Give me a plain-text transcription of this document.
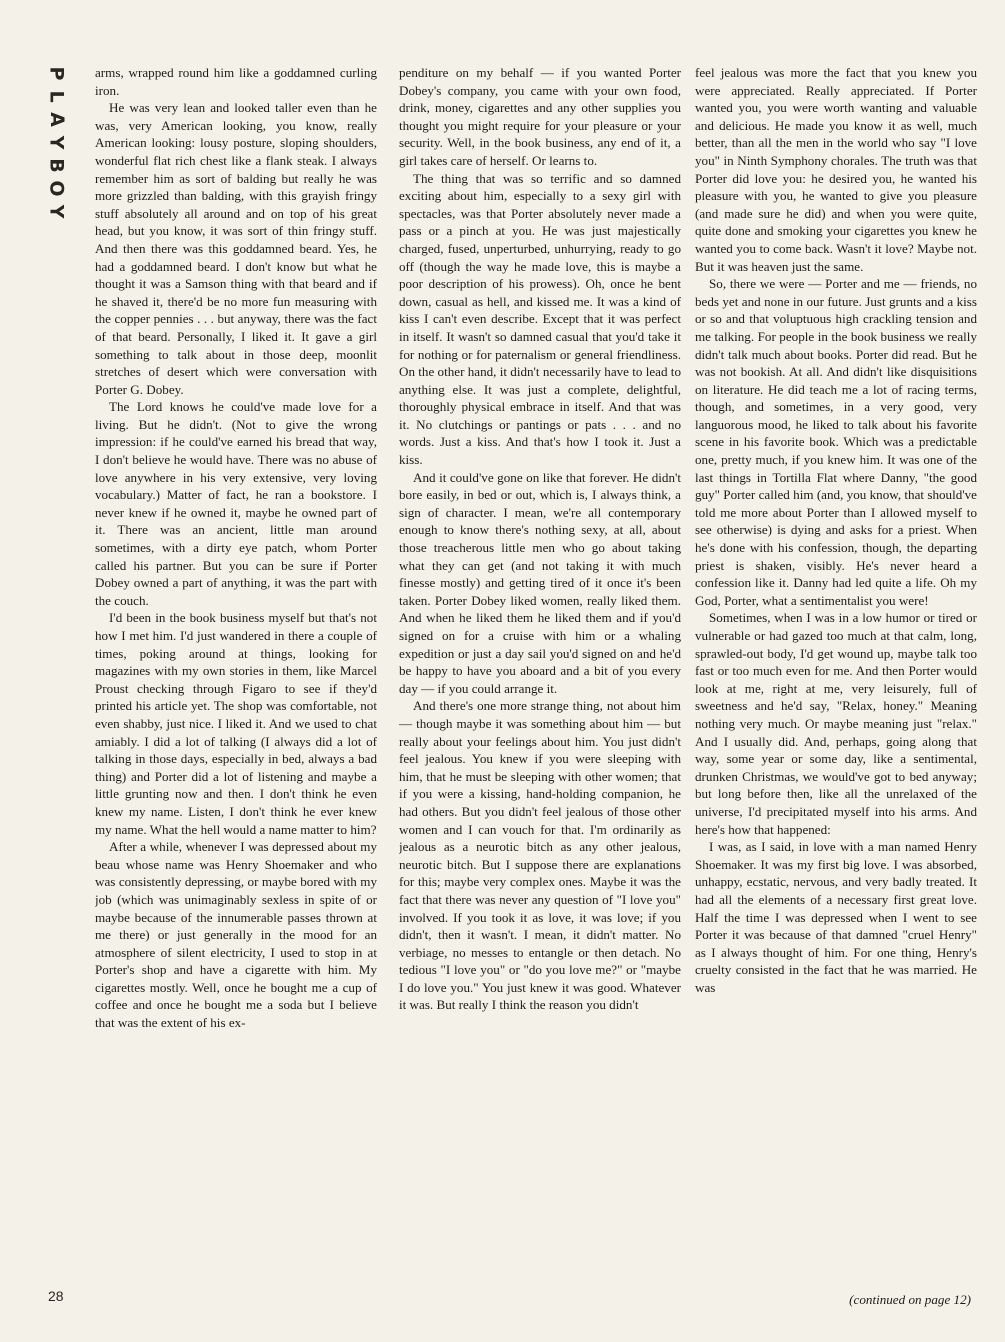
P
L
A
Y
B
O
Y

arms, wrapped round him like a goddamned curling iron.

He was very lean and looked taller even than he was, very American looking, you know, really American looking: lousy posture, sloping shoulders, wonderful flat rich chest like a flank steak. I always remember him as sort of balding but really he was more grizzled than balding, with this grayish fringy stuff absolutely all around and on top of his great head, but you know, it was sort of thin fringy stuff. And then there was this goddamned beard. Yes, he had a goddamned beard. I don't know but what he thought it was a Samson thing with that beard and if he shaved it, there'd be no more fun measuring with the copper pennies . . . but anyway, there was the fact of that beard. Personally, I liked it. It gave a girl something to talk about in those deep, moonlit stretches of desert which were conversation with Porter G. Dobey.

The Lord knows he could've made love for a living. But he didn't. (Not to give the wrong impression: if he could've earned his bread that way, I don't believe he would have. There was no abuse of love anywhere in his very extensive, very loving vocabulary.) Matter of fact, he ran a bookstore. I never knew if he owned it, maybe he owned part of it. There was an ancient, little man around sometimes, with a dirty eye patch, whom Porter called his partner. But you can be sure if Porter Dobey owned a part of anything, it was the part with the couch.

I'd been in the book business myself but that's not how I met him. I'd just wandered in there a couple of times, poking around at things, looking for magazines with my own stories in them, like Marcel Proust checking through Figaro to see if they'd printed his article yet. The shop was comfortable, not even shabby, just nice. I liked it. And we used to chat amiably. I did a lot of talking (I always did a lot of talking in those days, especially in bed, always a bad thing) and Porter did a lot of listening and maybe a little grunting now and then. I don't think he even knew my name. Listen, I don't think he ever knew my name. What the hell would a name matter to him?

After a while, whenever I was depressed about my beau whose name was Henry Shoemaker and who was consistently depressing, or maybe bored with my job (which was unimaginably sexless in spite of or maybe because of the innumerable passes thrown at me there) or just generally in the mood for an atmosphere of silent electricity, I used to stop in at Porter's shop and have a cigarette with him. My cigarettes mostly. Well, once he bought me a cup of coffee and once he bought me a soda but I believe that was the extent of his ex-

penditure on my behalf — if you wanted Porter Dobey's company, you came with your own food, drink, money, cigarettes and any other supplies you thought you might require for your pleasure or your security. Well, in the book business, any end of it, a girl takes care of herself. Or learns to.

The thing that was so terrific and so damned exciting about him, especially to a sexy girl with spectacles, was that Porter absolutely never made a pass or a pinch at you. He was just majestically charged, fused, unperturbed, unhurrying, ready to go off (though the way he made love, this is maybe a poor description of his prowess). Oh, once he bent down, casual as hell, and kissed me. It was a kind of kiss I can't even describe. Except that it was perfect in itself. It wasn't so damned casual that you'd take it for nothing or for paternalism or general friendliness. On the other hand, it didn't necessarily have to lead to anything else. It was just a complete, delightful, thoroughly physical embrace in itself. And that was it. No clutchings or pantings or pats . . . and no words. Just a kiss. And that's how I took it. Just a kiss.

And it could've gone on like that forever. He didn't bore easily, in bed or out, which is, I always think, a sign of character. I mean, we're all contemporary enough to know there's nothing sexy, at all, about those treacherous little men who go about taking what they can get (and not taking it with much finesse mostly) and getting tired of it once it's been taken. Porter Dobey liked women, really liked them. And when he liked them he liked them and if you'd signed on for a cruise with him or a whaling expedition or just a day sail you'd signed on and he'd be happy to have you aboard and a bit of you every day — if you could arrange it.

And there's one more strange thing, not about him — though maybe it was something about him — but really about your feelings about him. You just didn't feel jealous. You knew if you were sleeping with him, that he must be sleeping with other women; that if you were a kissing, hand-holding companion, he had others. But you didn't feel jealous of those other women and I can vouch for that. I'm ordinarily as jealous as a neurotic bitch as any other jealous, neurotic bitch. But I suppose there are explanations for this; maybe very complex ones. Maybe it was the fact that there was never any question of "I love you" involved. If you took it as love, it was love; if you didn't, then it wasn't. I mean, it didn't matter. No verbiage, no messes to entangle or then detach. No tedious "I love you" or "do you love me?" or "maybe I do love you." You just knew it was good. Whatever it was. But really I think the reason you didn't

feel jealous was more the fact that you knew you were appreciated. Really appreciated. If Porter wanted you, you were worth wanting and valuable and delicious. He made you know it as well, much better, than all the men in the world who say "I love you" in Ninth Symphony chorales. The truth was that Porter did love you: he desired you, he wanted his pleasure with you, he wanted to give you pleasure (and made sure he did) and when you were quite, quite done and smoking your cigarettes you knew he wanted you to come back. Wasn't it love? Maybe not. But it was heaven just the same.

So, there we were — Porter and me — friends, no beds yet and none in our future. Just grunts and a kiss or so and that voluptuous high crackling tension and me talking. For people in the book business we really didn't talk much about books. Porter did read. But he was not bookish. At all. And didn't like disquisitions on literature. He did teach me a lot of racing terms, though, and sometimes, in a very good, very languorous mood, he liked to talk about his favorite scene in his favorite book. Which was a predictable one, pretty much, if you knew him. It was one of the last things in Tortilla Flat where Danny, "the good guy" Porter called him (and, you know, that should've told me more about Porter than I allowed myself to see otherwise) is dying and asks for a priest. When he's done with his confession, though, the departing priest is shaken, visibly. He's never heard a confession like it. Danny had led quite a life. Oh my God, Porter, what a sentimentalist you were!

Sometimes, when I was in a low humor or tired or vulnerable or had gazed too much at that calm, long, sprawled-out body, I'd get wound up, maybe talk too fast or too much even for me. And then Porter would look at me, right at me, very leisurely, full of sweetness and he'd say, "Relax, honey." Meaning nothing very much. Or maybe meaning just "relax." And I usually did. And, perhaps, going along that way, some year or some day, like a sentimental, drunken Christmas, we would've got to bed anyway; but long before then, like all the unrelaxed of the universe, I'd precipitated myself into his arms. And here's how that happened:

I was, as I said, in love with a man named Henry Shoemaker. It was my first big love. I was absorbed, unhappy, ecstatic, nervous, and very badly treated. It had all the elements of a necessary first great love. Half the time I was depressed when I went to see Porter it was because of that damned "cruel Henry" as I always thought of him. For one thing, Henry's cruelty consisted in the fact that he was married. He was

28	(continued on page 12)
